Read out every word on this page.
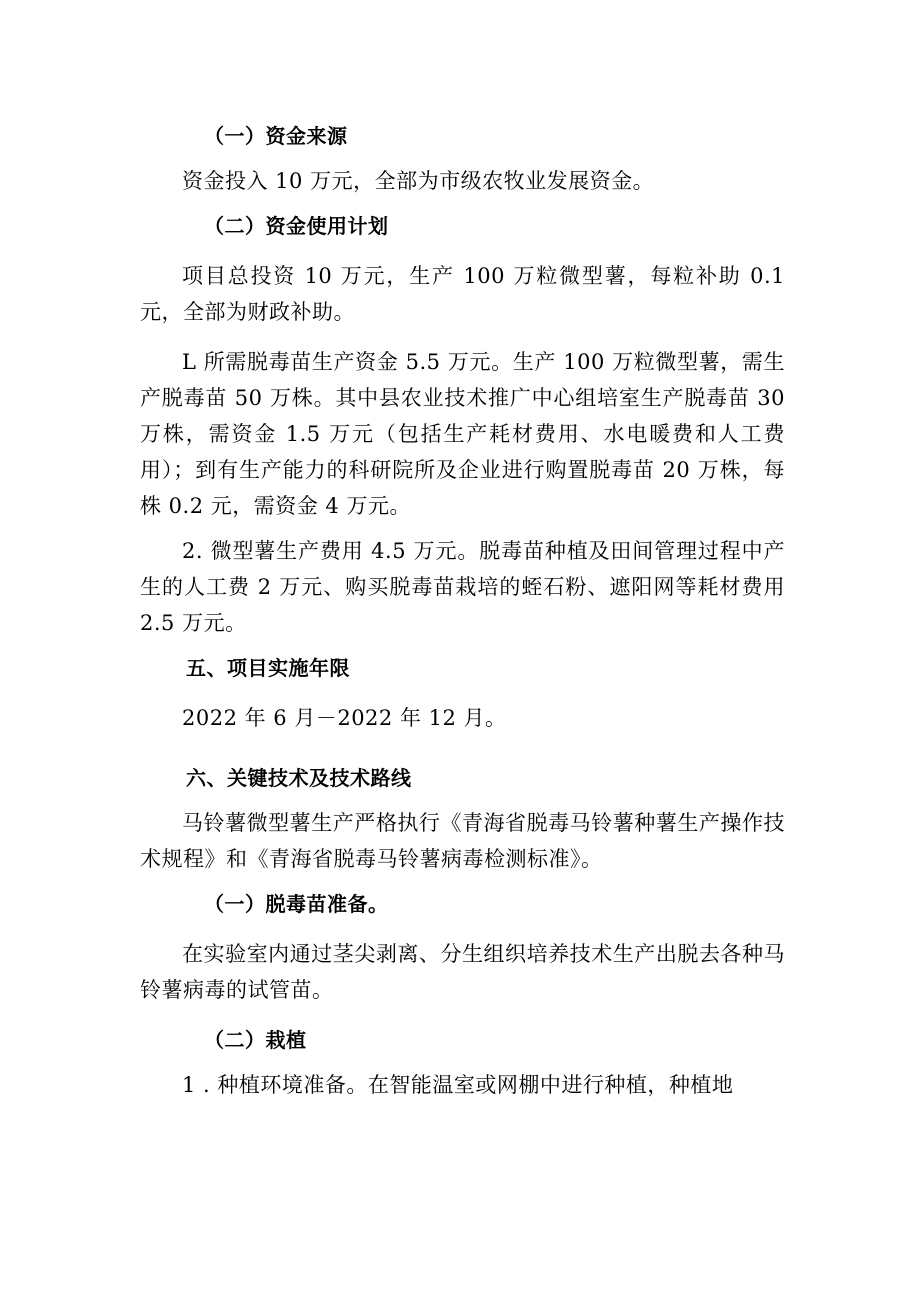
（一）资金来源

资金投入 10 万元，全部为市级农牧业发展资金。

（二）资金使用计划

项目总投资 10 万元，生产 100 万粒微型薯，每粒补助 0.1 元，全部为财政补助。

L 所需脱毒苗生产资金 5.5 万元。生产 100 万粒微型薯，需生产脱毒苗 50 万株。其中县农业技术推广中心组培室生产脱毒苗 30 万株，需资金 1.5 万元（包括生产耗材费用、水电暖费和人工费用）；到有生产能力的科研院所及企业进行购置脱毒苗 20 万株，每株 0.2 元，需资金 4 万元。

2. 微型薯生产费用 4.5 万元。脱毒苗种植及田间管理过程中产生的人工费 2 万元、购买脱毒苗栽培的蛭石粉、遮阳网等耗材费用 2.5 万元。

五、项目实施年限

2022 年 6 月－2022 年 12 月。

六、关键技术及技术路线

马铃薯微型薯生产严格执行《青海省脱毒马铃薯种薯生产操作技术规程》和《青海省脱毒马铃薯病毒检测标准》。

（一）脱毒苗准备。

在实验室内通过茎尖剥离、分生组织培养技术生产出脱去各种马铃薯病毒的试管苗。

（二）栽植

1 . 种植环境准备。在智能温室或网棚中进行种植，种植地
